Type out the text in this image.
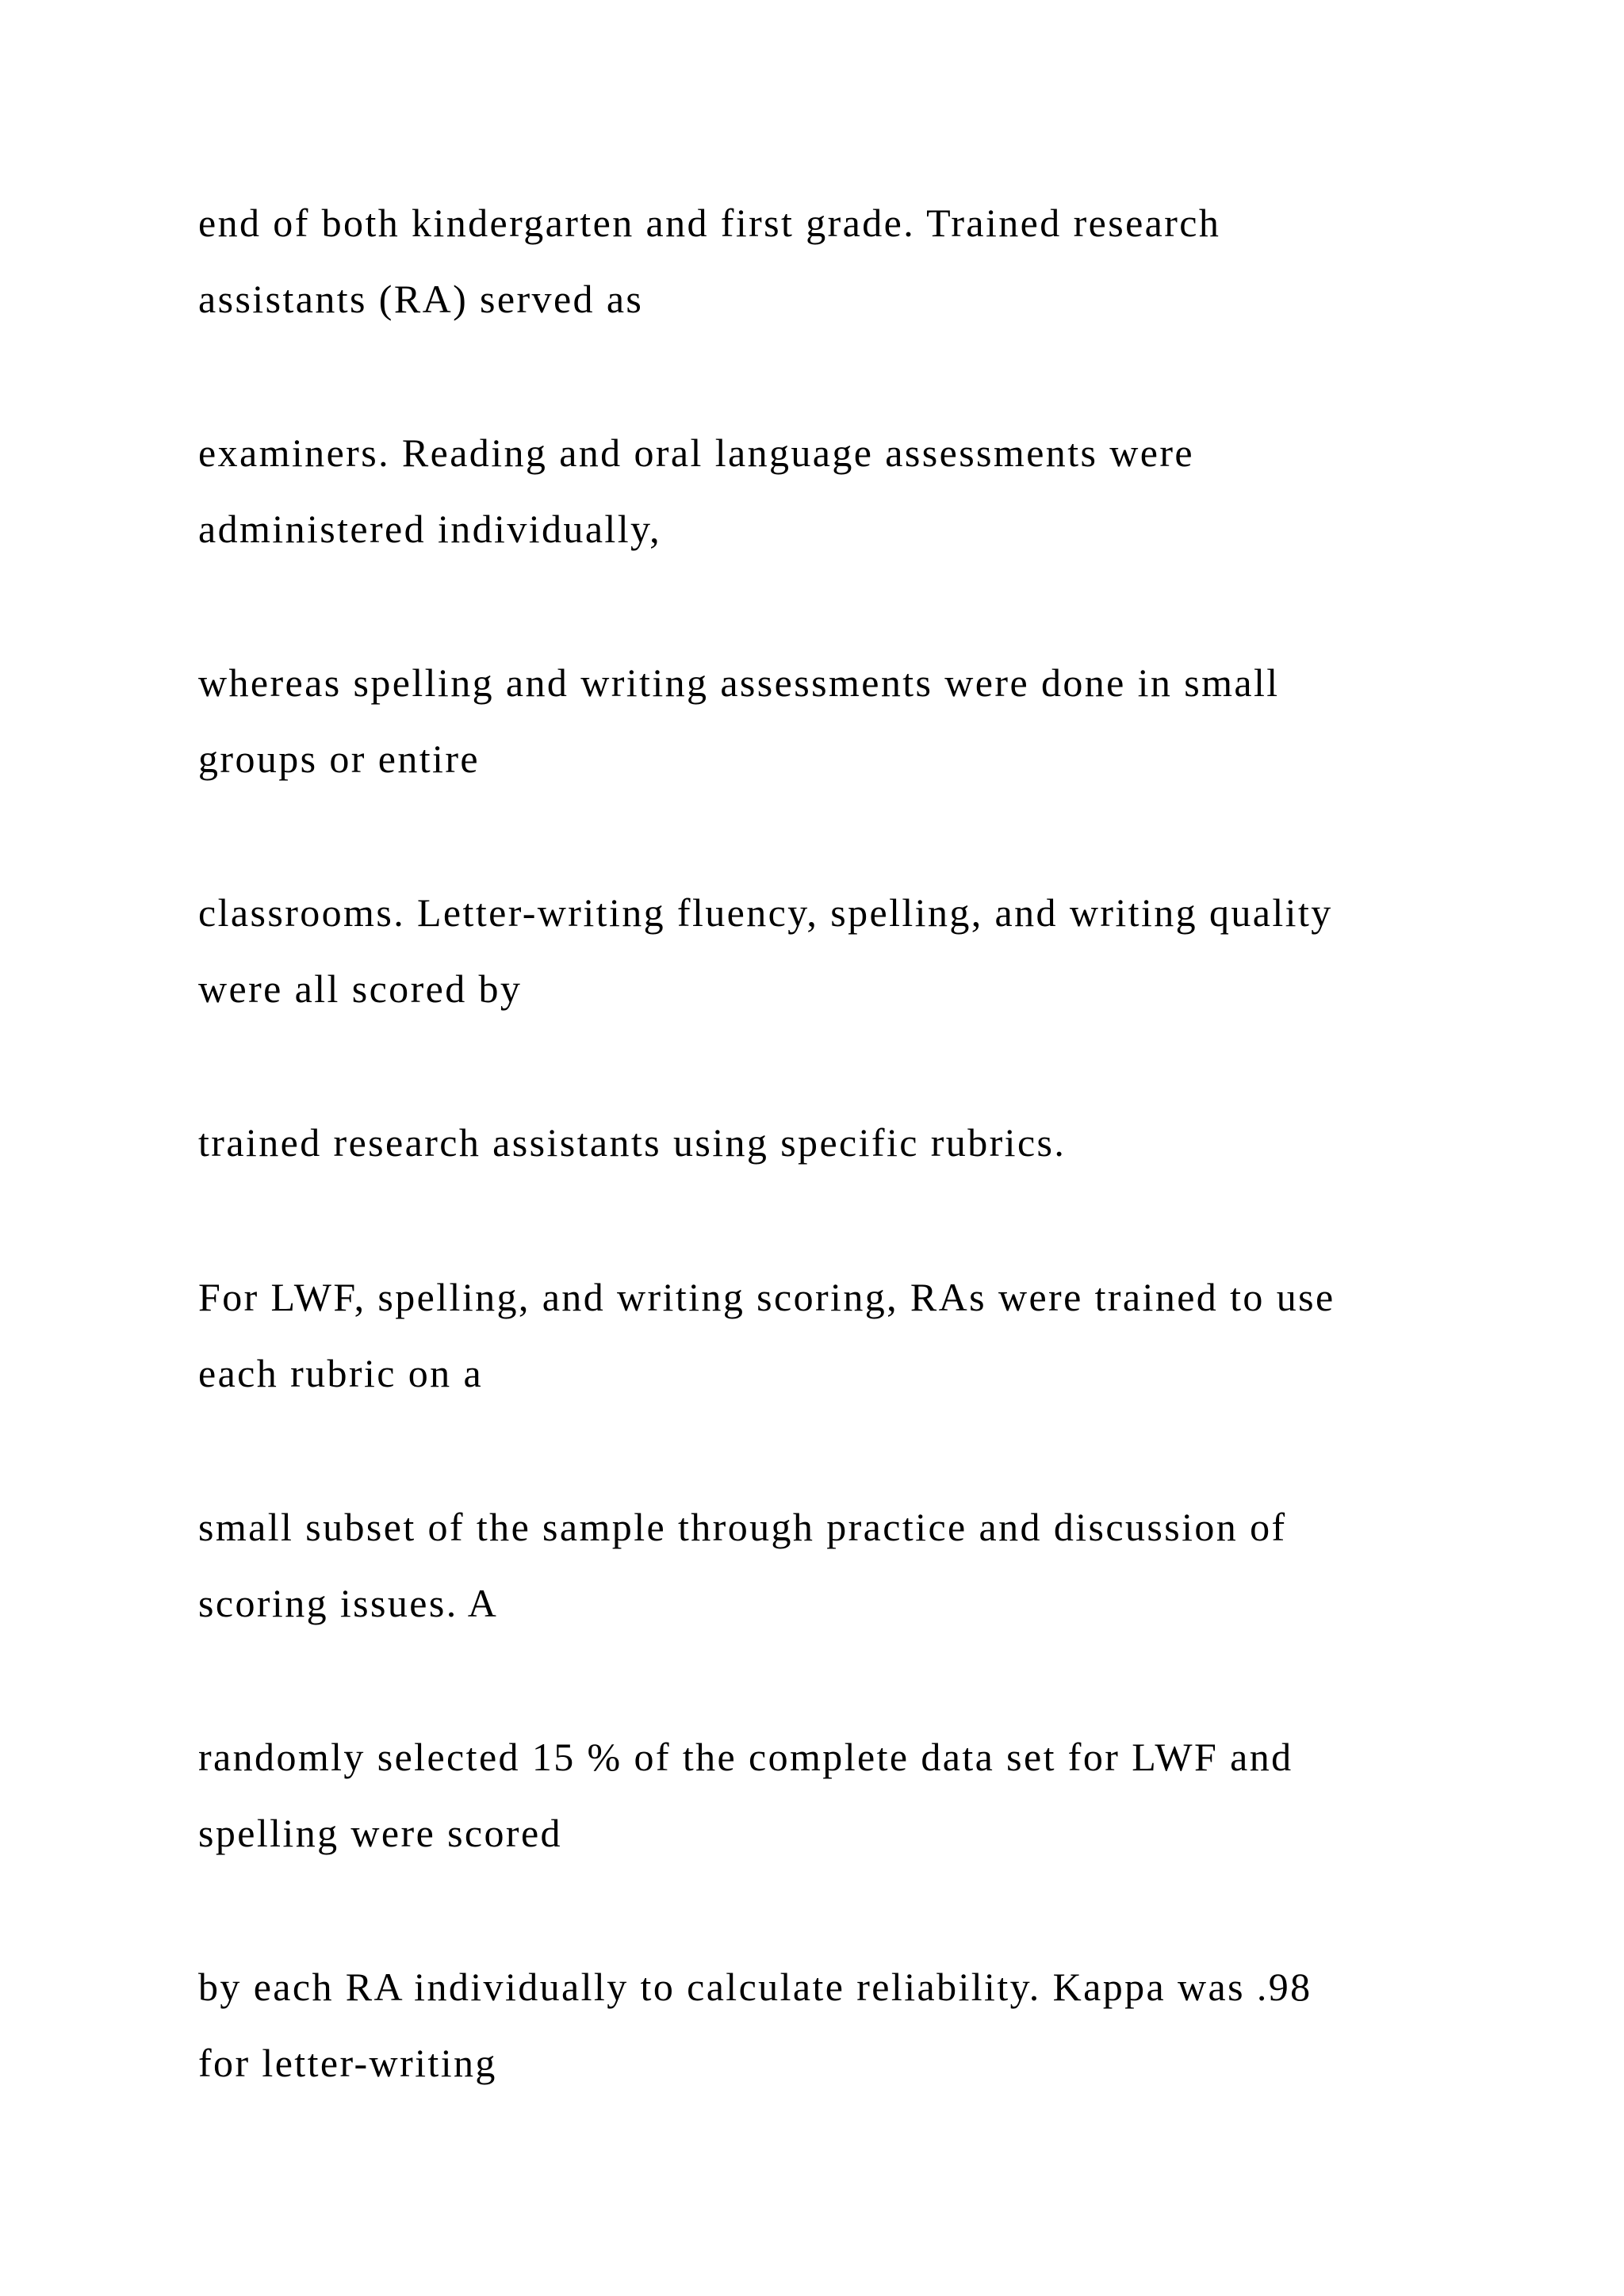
end of both kindergarten and first grade. Trained research
assistants (RA) served as

examiners. Reading and oral language assessments were
administered individually,

whereas spelling and writing assessments were done in small
groups or entire

classrooms. Letter-writing fluency, spelling, and writing quality
were all scored by

trained research assistants using specific rubrics.

For LWF, spelling, and writing scoring, RAs were trained to use
each rubric on a

small subset of the sample through practice and discussion of
scoring issues. A

randomly selected 15 % of the complete data set for LWF and
spelling were scored

by each RA individually to calculate reliability. Kappa was .98
for letter-writing
